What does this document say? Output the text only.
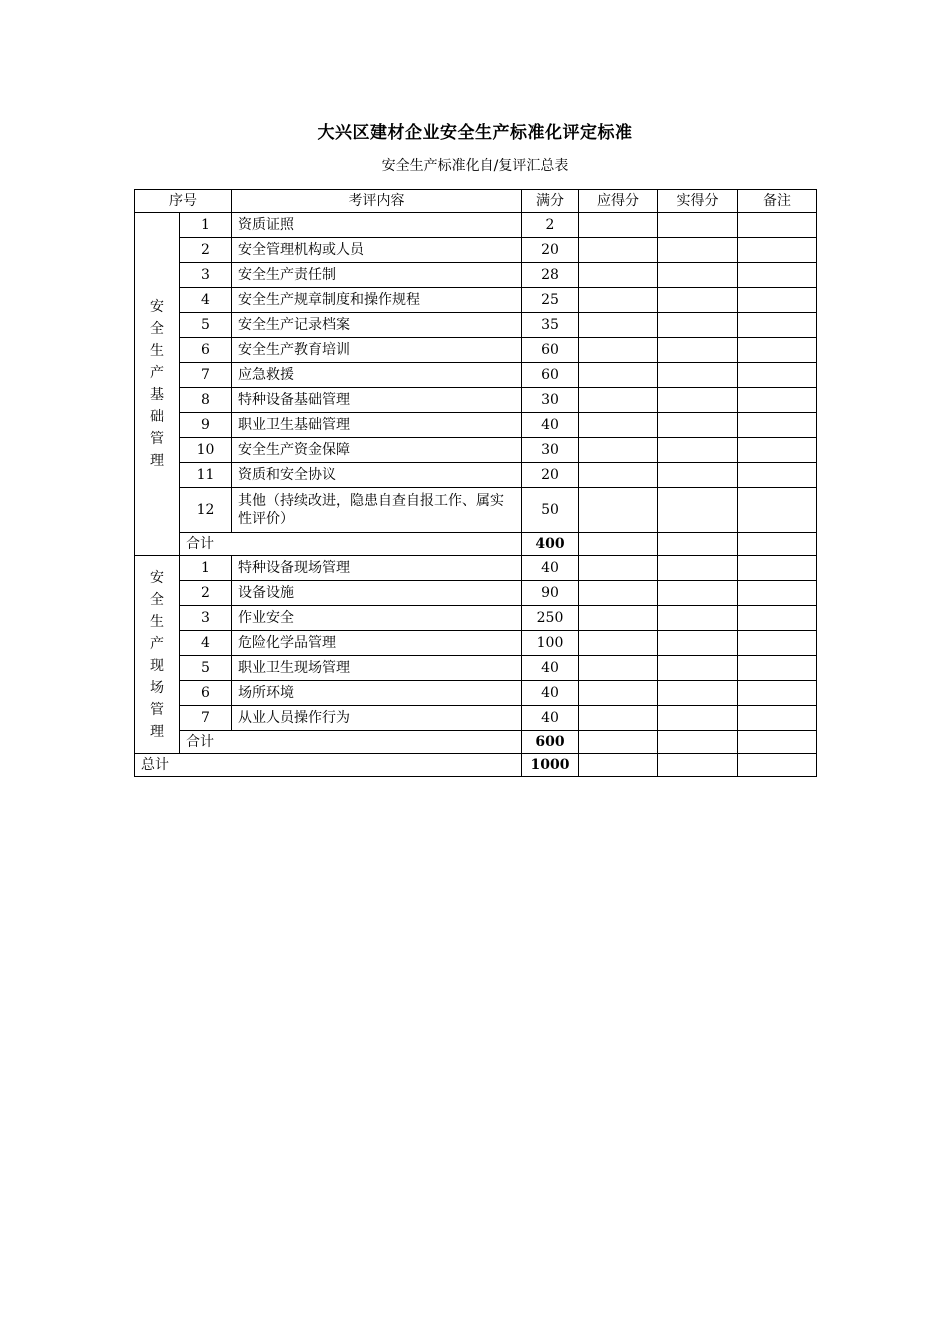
大兴区建材企业安全生产标准化评定标准
安全生产标准化自/复评汇总表
序号		考评内容	满分	应得分	实得分	备注
安全生产基础管理	1	资质证照	2			
	2	安全管理机构或人员	20			
	3	安全生产责任制	28			
	4	安全生产规章制度和操作规程	25			
	5	安全生产记录档案	35			
	6	安全生产教育培训	60			
	7	应急救援	60			
	8	特种设备基础管理	30			
	9	职业卫生基础管理	40			
	10	安全生产资金保障	30			
	11	资质和安全协议	20			
	12	其他（持续改进，隐患自查自报工作、属实性评价）	50			
	合计		400			
安全生产现场管理	1	特种设备现场管理	40			
	2	设备设施	90			
	3	作业安全	250			
	4	危险化学品管理	100			
	5	职业卫生现场管理	40			
	6	场所环境	40			
	7	从业人员操作行为	40			
	合计		600			
总计			1000			
